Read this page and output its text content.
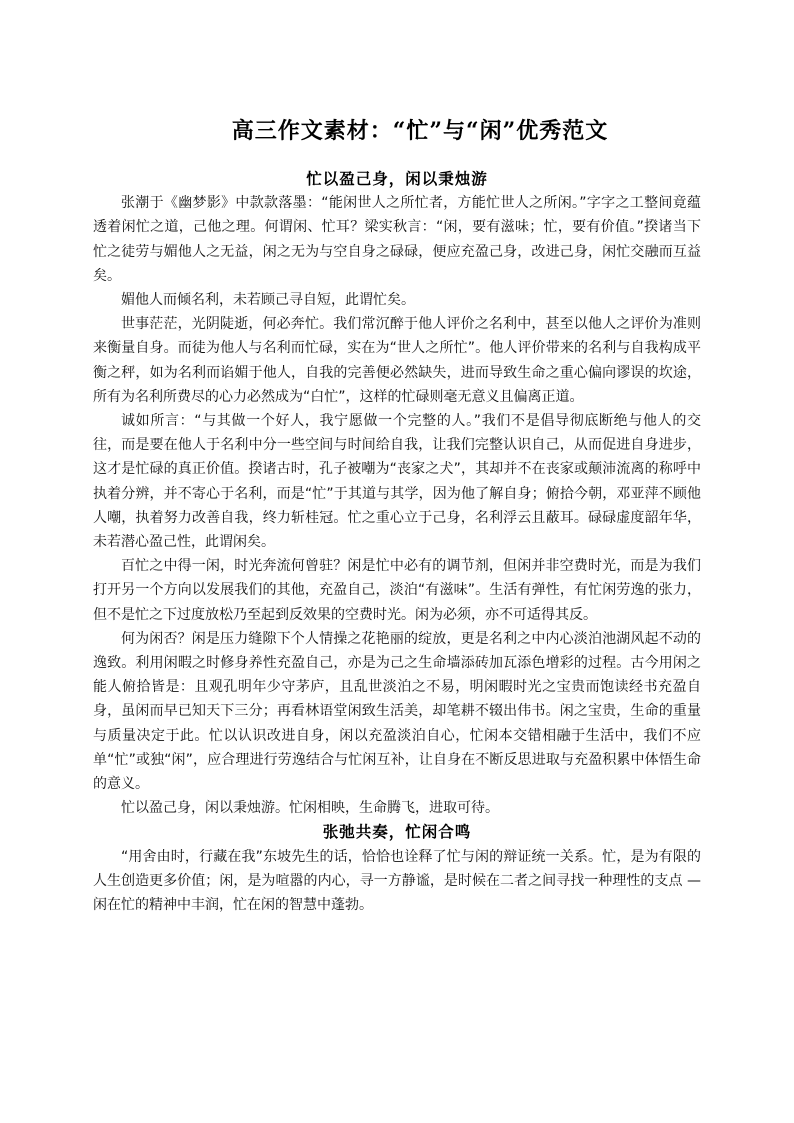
高三作文素材：“忙”与“闲”优秀范文
忙以盈己身，闲以秉烛游

张潮于《幽梦影》中款款落墨：“能闲世人之所忙者，方能忙世人之所闲。”字字之工整间竟蕴透着闲忙之道，己他之理。何谓闲、忙耳？梁实秋言：“闲，要有滋味；忙，要有价值。”揆诸当下忙之徒劳与媚他人之无益，闲之无为与空自身之碌碌，便应充盈己身，改进己身，闲忙交融而互益矣。

媚他人而倾名利，未若顾己寻自短，此谓忙矣。

世事茫茫，光阴陡逝，何必奔忙。我们常沉醉于他人评价之名利中，甚至以他人之评价为准则来衡量自身。而徒为他人与名利而忙碌，实在为“世人之所忙”。他人评价带来的名利与自我构成平衡之秤，如为名利而谄媚于他人，自我的完善便必然缺失，进而导致生命之重心偏向谬误的坎途，所有为名利所费尽的心力必然成为“白忙”，这样的忙碌则毫无意义且偏离正道。

诚如所言：“与其做一个好人，我宁愿做一个完整的人。”我们不是倡导彻底断绝与他人的交往，而是要在他人于名利中分一些空间与时间给自我，让我们完整认识自己，从而促进自身进步，这才是忙碌的真正价值。揆诸古时，孔子被嘲为“丧家之犬”，其却并不在丧家或颠沛流离的称呼中执着分辨，并不寄心于名利，而是“忙”于其道与其学，因为他了解自身；俯拾今朝，邓亚萍不顾他人嘲，执着努力改善自我，终力斩桂冠。忙之重心立于己身，名利浮云且蔽耳。碌碌虚度韶年华，未若潜心盈己性，此谓闲矣。

百忙之中得一闲，时光奔流何曾驻？闲是忙中必有的调节剂，但闲并非空费时光，而是为我们打开另一个方向以发展我们的其他，充盈自己，淡泊“有滋味”。生活有弹性，有忙闲劳逸的张力，但不是忙之下过度放松乃至起到反效果的空费时光。闲为必须，亦不可适得其反。

何为闲否？闲是压力缝隙下个人情操之花艳丽的绽放，更是名利之中内心淡泊池湖风起不动的逸致。利用闲暇之时修身养性充盈自己，亦是为己之生命墙添砖加瓦添色增彩的过程。古今用闲之能人俯拾皆是：且观孔明年少守茅庐，且乱世淡泊之不易，明闲暇时光之宝贵而饱读经书充盈自身，虽闲而早已知天下三分；再看林语堂闲致生活美，却笔耕不辍出伟书。闲之宝贵，生命的重量与质量决定于此。忙以认识改进自身，闲以充盈淡泊自心，忙闲本交错相融于生活中，我们不应单“忙”或独“闲”，应合理进行劳逸结合与忙闲互补，让自身在不断反思进取与充盈积累中体悟生命的意义。

忙以盈己身，闲以秉烛游。忙闲相映，生命腾飞，进取可待。

张弛共奏，忙闲合鸣

“用舍由时，行藏在我”东坡先生的话，恰恰也诠释了忙与闲的辩证统一关系。忙，是为有限的人生创造更多价值；闲，是为喧嚣的内心，寻一方静谧，是时候在二者之间寻找一种理性的支点 —闲在忙的精神中丰润，忙在闲的智慧中蓬勃。
